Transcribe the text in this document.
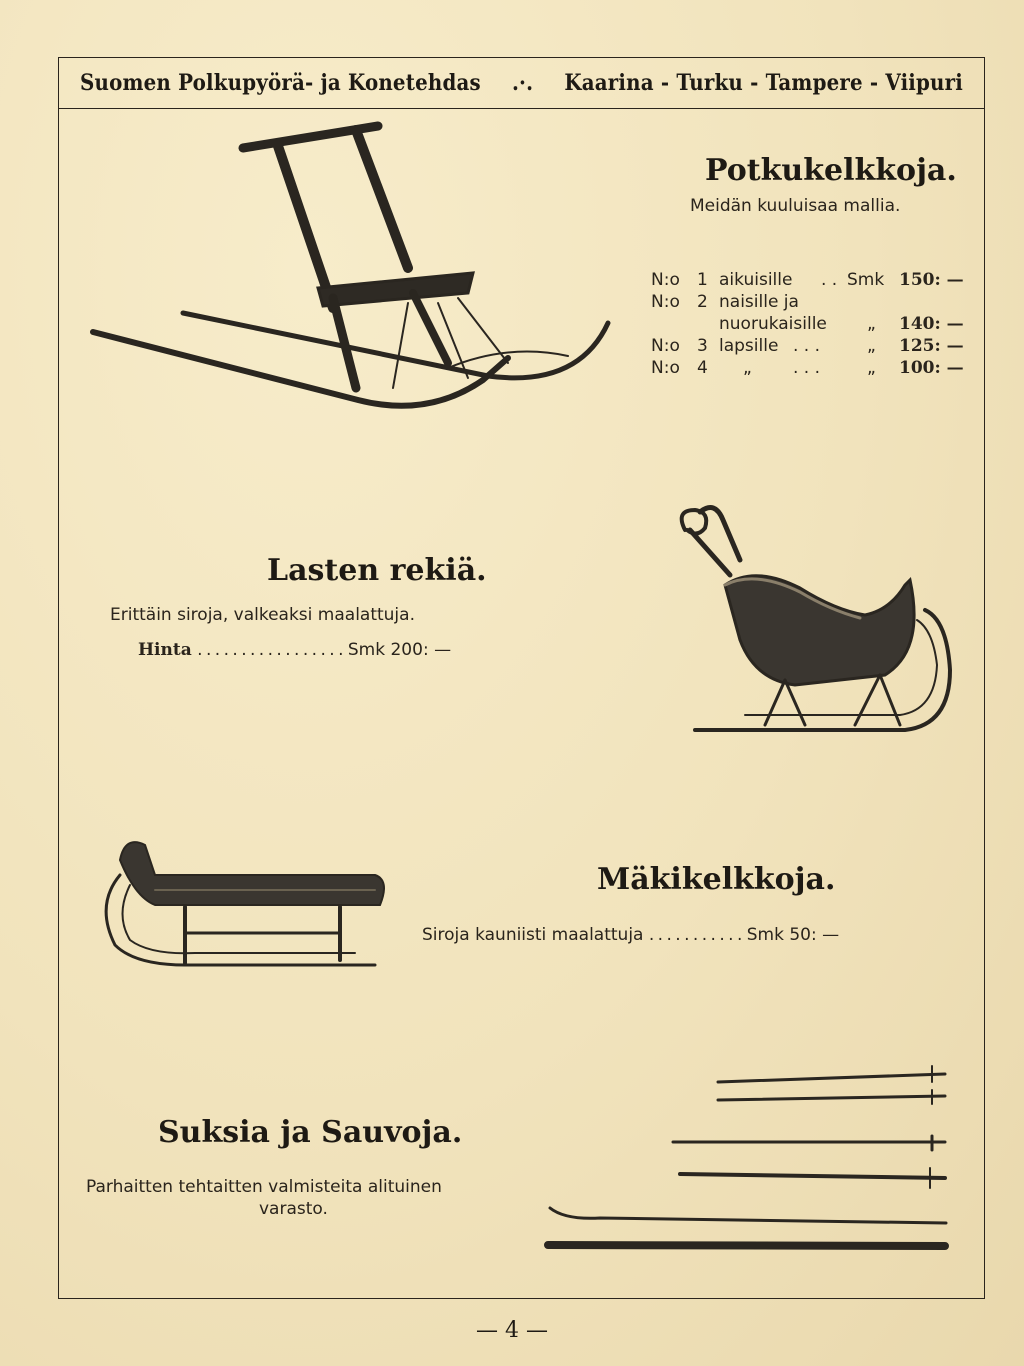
Suomen Polkupyörä- ja Konetehdas .·. Kaarina - Turku - Tampere - Viipuri
Potkukelkkoja.
Meidän kuuluisaa mallia.
N:o 1 aikuisille . . Smk 150: —
N:o 2 naisille ja
nuorukaisille „ 140: —
N:o 3 lapsille . . .	„ 125: —
N:o 4 „ . . .	„ 100: —
Lasten rekiä.
Erittäin siroja, valkeaksi maalattuja.
Hinta . . . . . . . . . . . . . . . . . Smk 200: —
Mäkikelkkoja.
Siroja kauniisti maalattuja . . . . . . . . . . . Smk 50: —
Suksia ja Sauvoja.
Parhaitten tehtaitten valmisteita alituinen
varasto.
— 4 —
